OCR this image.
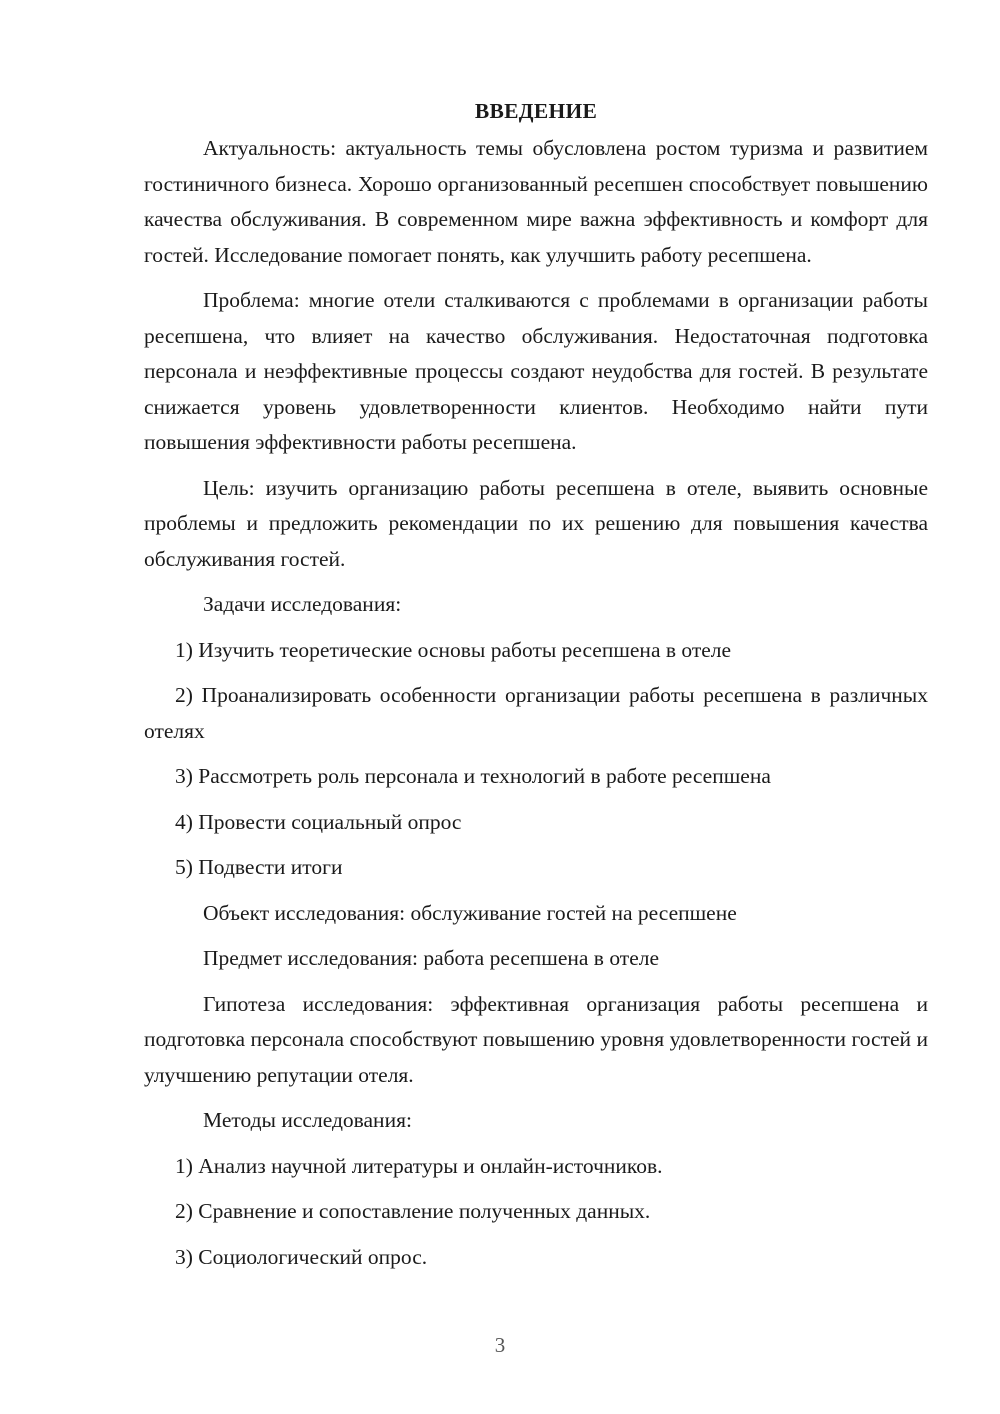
ВВЕДЕНИЕ

Актуальность: актуальность темы обусловлена ростом туризма и развитием гостиничного бизнеса. Хорошо организованный ресепшен способствует повышению качества обслуживания. В современном мире важна эффективность и комфорт для гостей. Исследование помогает понять, как улучшить работу ресепшена.

Проблема: многие отели сталкиваются с проблемами в организации работы ресепшена, что влияет на качество обслуживания. Недостаточная подготовка персонала и неэффективные процессы создают неудобства для гостей. В результате снижается уровень удовлетворенности клиентов. Необходимо найти пути повышения эффективности работы ресепшена.

Цель: изучить организацию работы ресепшена в отеле, выявить основные проблемы и предложить рекомендации по их решению для повышения качества обслуживания гостей.

Задачи исследования:

1) Изучить теоретические основы работы ресепшена в отеле

2) Проанализировать особенности организации работы ресепшена в различных отелях

3) Рассмотреть роль персонала и технологий в работе ресепшена

4) Провести социальный опрос

5) Подвести итоги

Объект исследования: обслуживание гостей на ресепшене

Предмет исследования: работа ресепшена в отеле

Гипотеза исследования: эффективная организация работы ресепшена и подготовка персонала способствуют повышению уровня удовлетворенности гостей и улучшению репутации отеля.

Методы исследования:

1) Анализ научной литературы и онлайн-источников.

2) Сравнение и сопоставление полученных данных.

3) Социологический опрос.

3
